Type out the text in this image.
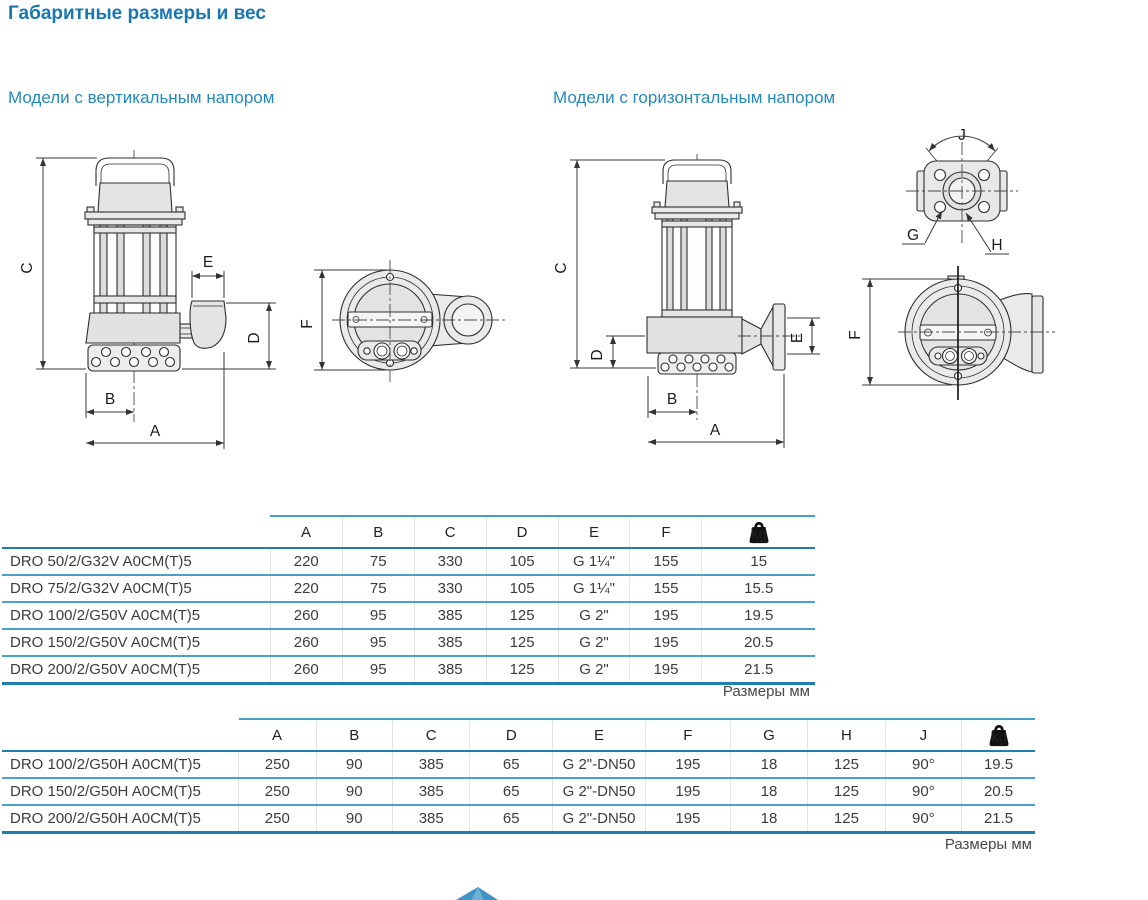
Габаритные размеры и вес
Модели с вертикальным напором	Модели с горизонтальным напором
C	E
D
B
A
F
C
D
E
B
A
J
G
H
F
	A	B	C	D	E	F	kg

DRO 50/2/G32V A0CM(T)5	220	75	330	105	G 1¼"	155	15
DRO 75/2/G32V A0CM(T)5	220	75	330	105	G 1¼"	155	15.5
DRO 100/2/G50V A0CM(T)5	260	95	385	125	G 2"	195	19.5
DRO 150/2/G50V A0CM(T)5	260	95	385	125	G 2"	195	20.5
DRO 200/2/G50V A0CM(T)5	260	95	385	125	G 2"	195	21.5
Размеры мм
	A	B	C	D	E	F	G	H	J	kg

DRO 100/2/G50H A0CM(T)5	250	90	385	65	G 2"-DN50	195	18	125	90°	19.5
DRO 150/2/G50H A0CM(T)5	250	90	385	65	G 2"-DN50	195	18	125	90°	20.5
DRO 200/2/G50H A0CM(T)5	250	90	385	65	G 2"-DN50	195	18	125	90°	21.5
Размеры мм
